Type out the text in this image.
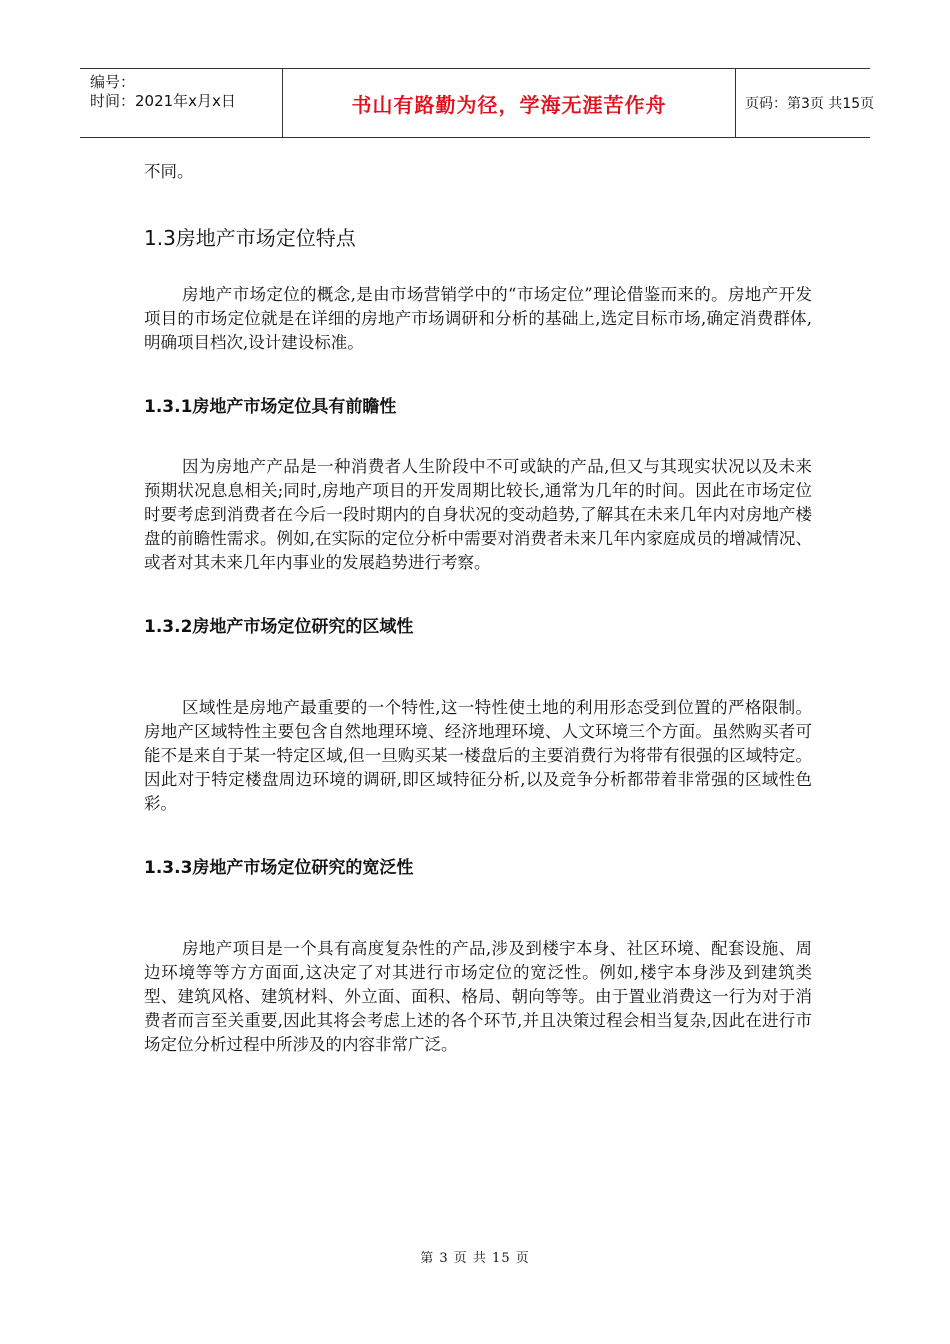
编号：
时间：2021年x月x日	书山有路勤为径，学海无涯苦作舟	页码：第3页 共15页

不同。

1.3房地产市场定位特点

房地产市场定位的概念,是由市场营销学中的“市场定位”理论借鉴而来的。房地产开发项目的市场定位就是在详细的房地产市场调研和分析的基础上,选定目标市场,确定消费群体,明确项目档次,设计建设标准。

1.3.1房地产市场定位具有前瞻性

因为房地产产品是一种消费者人生阶段中不可或缺的产品,但又与其现实状况以及未来预期状况息息相关;同时,房地产项目的开发周期比较长,通常为几年的时间。因此在市场定位时要考虑到消费者在今后一段时期内的自身状况的变动趋势,了解其在未来几年内对房地产楼盘的前瞻性需求。例如,在实际的定位分析中需要对消费者未来几年内家庭成员的增减情况、或者对其未来几年内事业的发展趋势进行考察。

1.3.2房地产市场定位研究的区域性

区域性是房地产最重要的一个特性,这一特性使土地的利用形态受到位置的严格限制。房地产区域特性主要包含自然地理环境、经济地理环境、人文环境三个方面。虽然购买者可能不是来自于某一特定区域,但一旦购买某一楼盘后的主要消费行为将带有很强的区域特定。因此对于特定楼盘周边环境的调研,即区域特征分析,以及竞争分析都带着非常强的区域性色彩。

1.3.3房地产市场定位研究的宽泛性

房地产项目是一个具有高度复杂性的产品,涉及到楼宇本身、社区环境、配套设施、周边环境等等方方面面,这决定了对其进行市场定位的宽泛性。例如,楼宇本身涉及到建筑类型、建筑风格、建筑材料、外立面、面积、格局、朝向等等。由于置业消费这一行为对于消费者而言至关重要,因此其将会考虑上述的各个环节,并且决策过程会相当复杂,因此在进行市场定位分析过程中所涉及的内容非常广泛。

第 3 页 共 15 页
